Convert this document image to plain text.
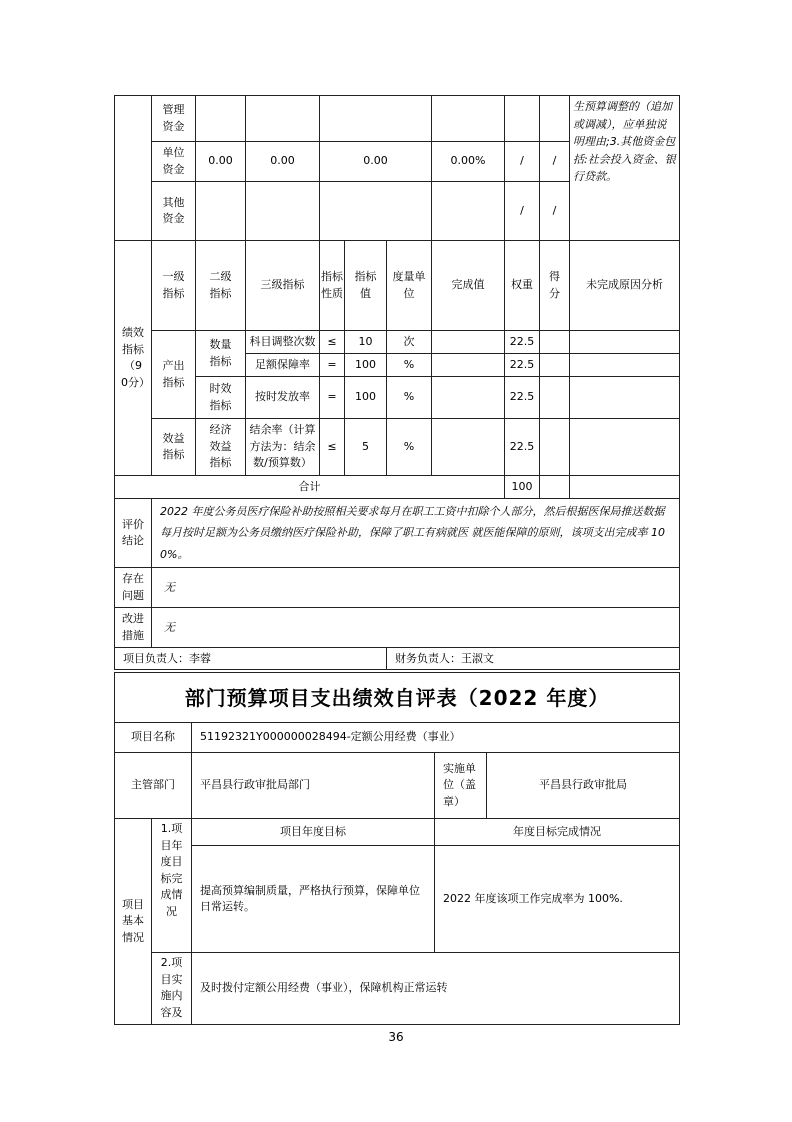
	管理资金									生预算调整的（追加或调减），应单独说明理由;3.其他资金包括:社会投入资金、银行贷款。
	单位资金	0.00	0.00	0.00			0.00%	/	/	
	其他资金							/	/	
绩效指标（90分）	一级指标	二级指标	三级指标	指标性质	指标值	度量单位	完成值	权重	得分	未完成原因分析
	产出指标	数量指标	科目调整次数	≤	10	次		22.5		
			足额保障率	=	100	%		22.5		
		时效指标	按时发放率	=	100	%		22.5		
	效益指标	经济效益指标	结余率（计算方法为：结余数/预算数）	≤	5	%		22.5		
合计								100		
评价结论	2022 年度公务员医疗保险补助按照相关要求每月在职工工资中扣除个人部分，然后根据医保局推送数据每月按时足额为公务员缴纳医疗保险补助，保障了职工有病就医 就医能保障的原则，该项支出完成率 100%。									
存在问题	无									
改进措施	无									
项目负责人：李蓉						财务负责人：王淑文				
部门预算项目支出绩效自评表（2022 年度）				
项目名称		51192321Y000000028494-定额公用经费（事业）		
主管部门		平昌县行政审批局部门	实施单位（盖章）	平昌县行政审批局
项目基本情况	1.项目年度目标完成情况	项目年度目标	年度目标完成情况	
		提高预算编制质量，严格执行预算，保障单位日常运转。	2022 年度该项工作完成率为 100%.	
	2.项目实施内容及	及时拨付定额公用经费（事业），保障机构正常运转		
36
